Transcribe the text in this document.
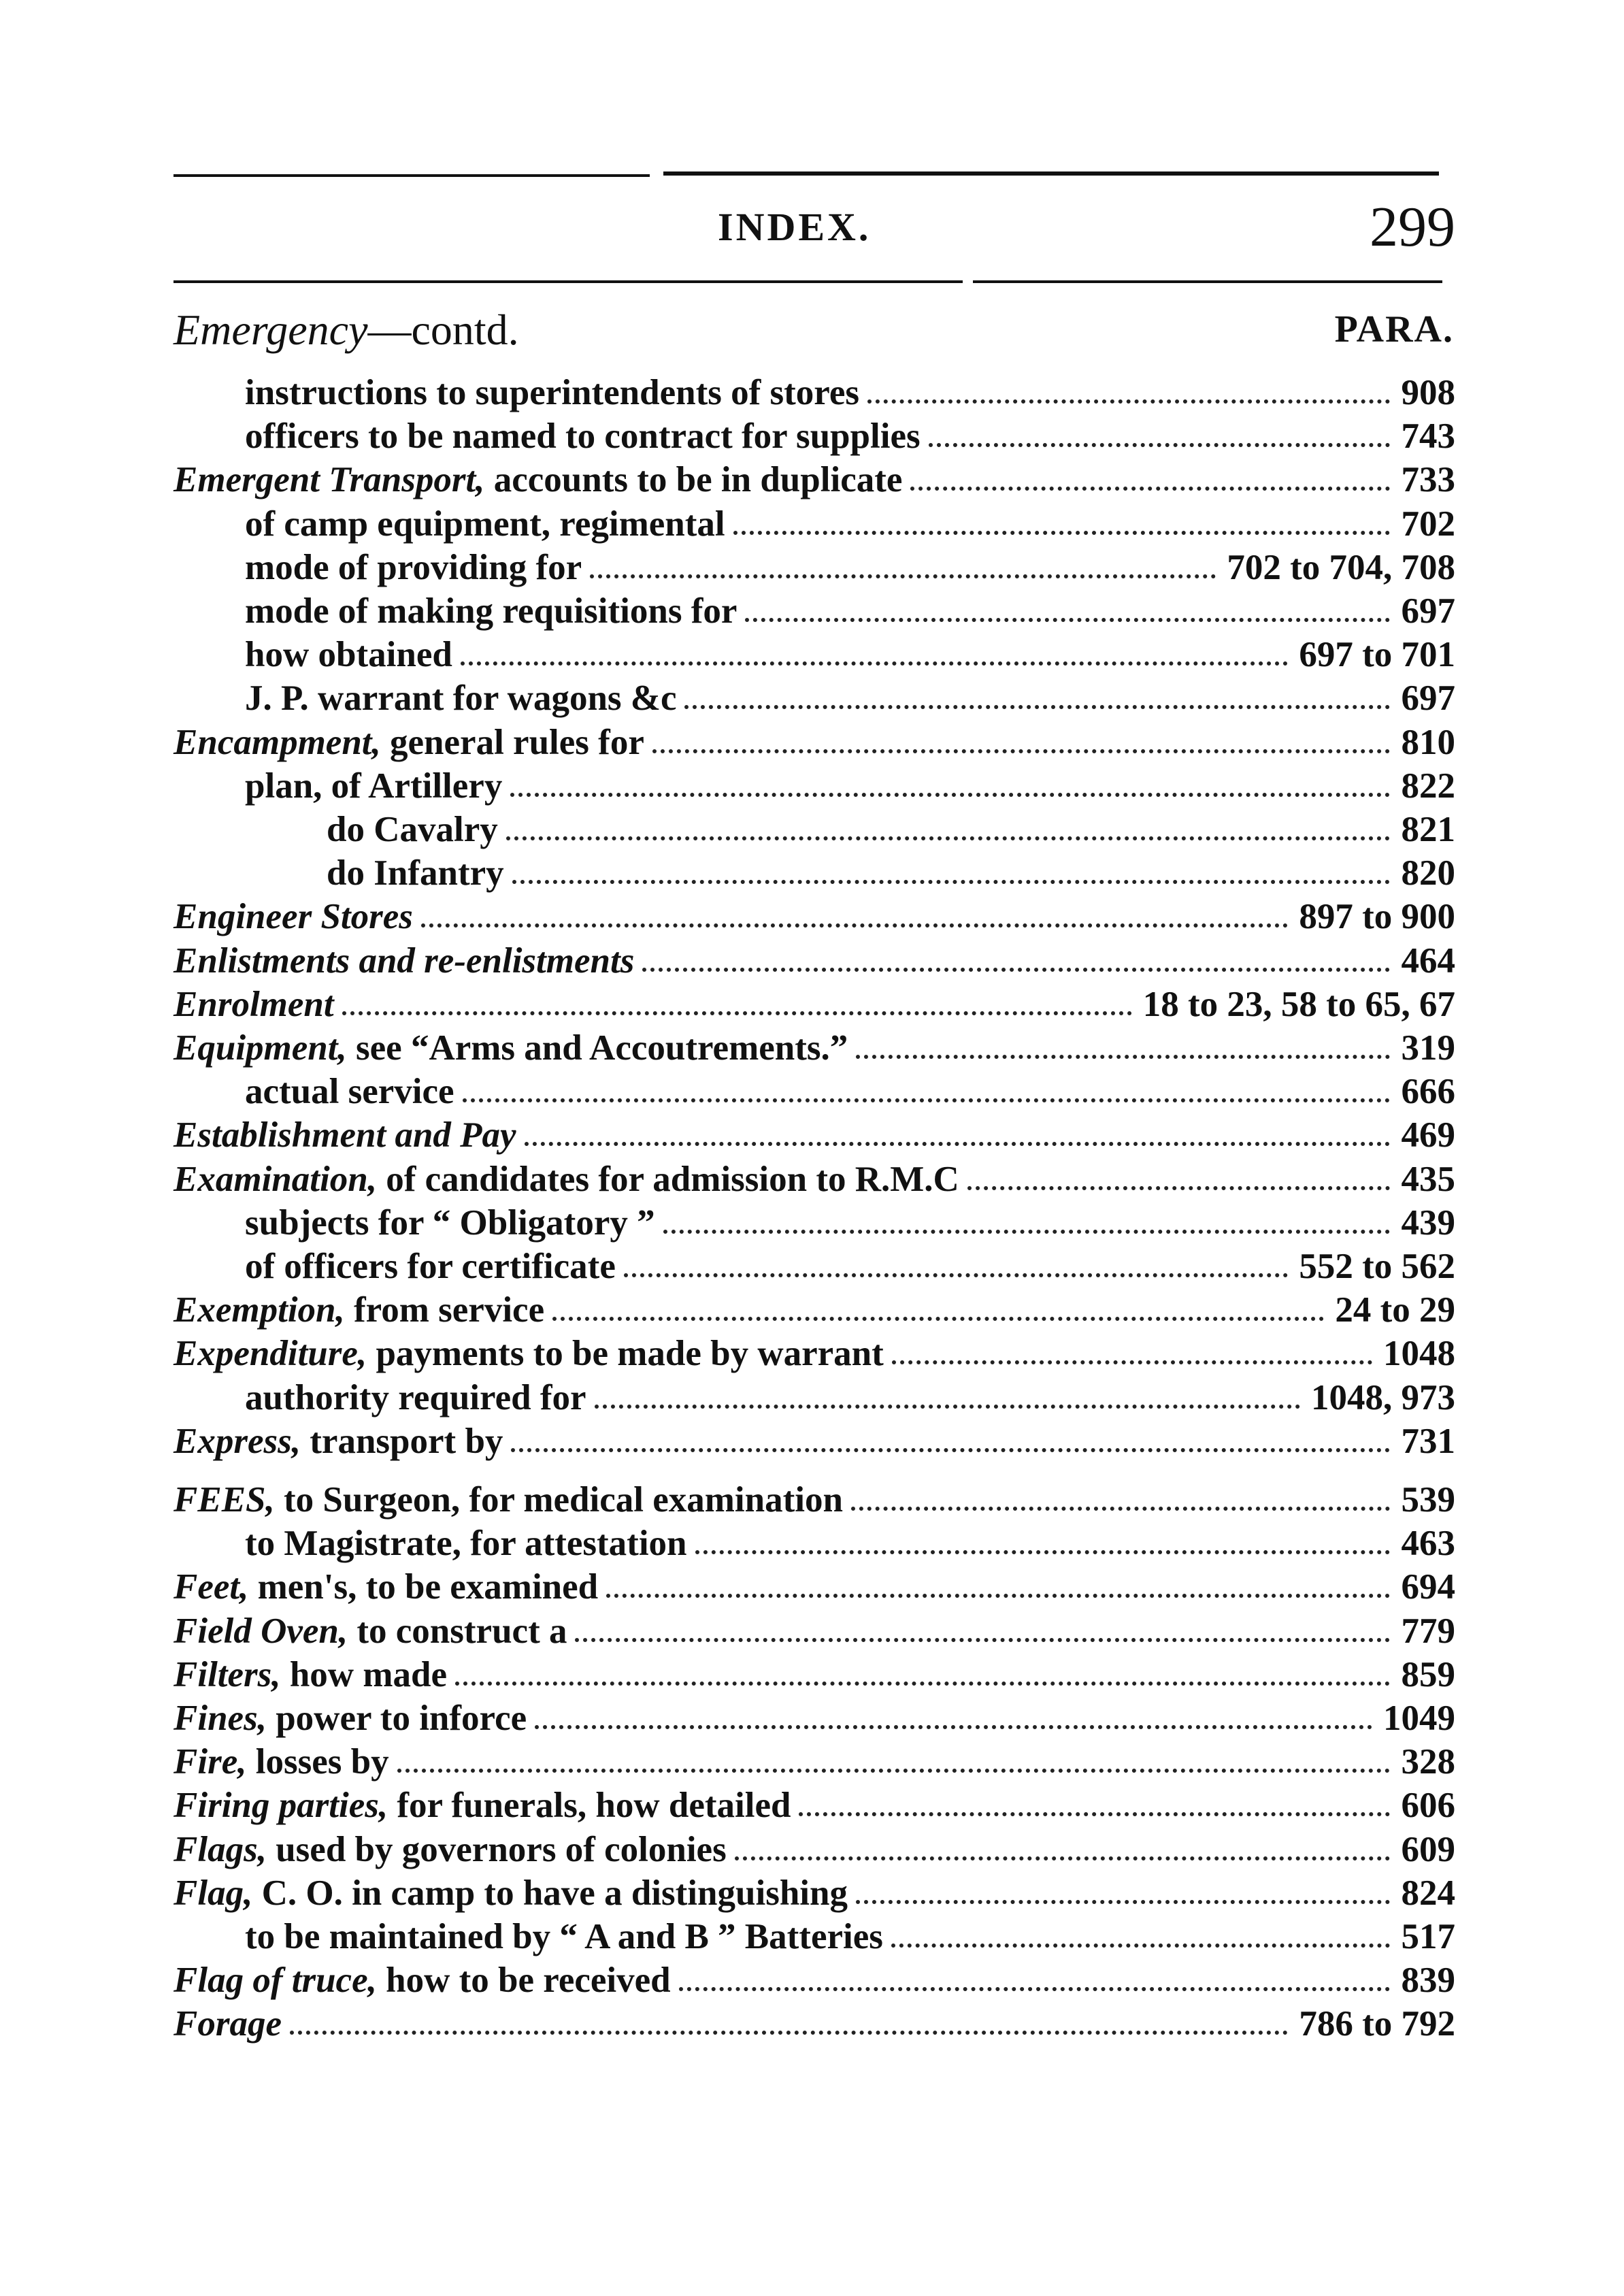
INDEX.	299
Emergency—contd.	PARA.
instructions to superintendents of stores	908
officers to be named to contract for supplies	743
Emergent Transport, accounts to be in duplicate	733
of camp equipment, regimental	702
mode of providing for	702 to 704, 708
mode of making requisitions for	697
how obtained	697 to 701
J. P. warrant for wagons &c	697
Encampment, general rules for	810
plan, of Artillery	822
do Cavalry	821
do Infantry	820
Engineer Stores	897 to 900
Enlistments and re-enlistments	464
Enrolment	18 to 23, 58 to 65, 67
Equipment, see “Arms and Accoutrements.”	319
actual service	666
Establishment and Pay	469
Examination, of candidates for admission to R.M.C	435
subjects for “ Obligatory ”	439
of officers for certificate	552 to 562
Exemption, from service	24 to 29
Expenditure, payments to be made by warrant	1048
authority required for	1048, 973
Express, transport by	731
FEES, to Surgeon, for medical examination	539
to Magistrate, for attestation	463
Feet, men's, to be examined	694
Field Oven, to construct a	779
Filters, how made	859
Fines, power to inforce	1049
Fire, losses by	328
Firing parties, for funerals, how detailed	606
Flags, used by governors of colonies	609
Flag, C. O. in camp to have a distinguishing	824
to be maintained by “ A and B ” Batteries	517
Flag of truce, how to be received	839
Forage	786 to 792
